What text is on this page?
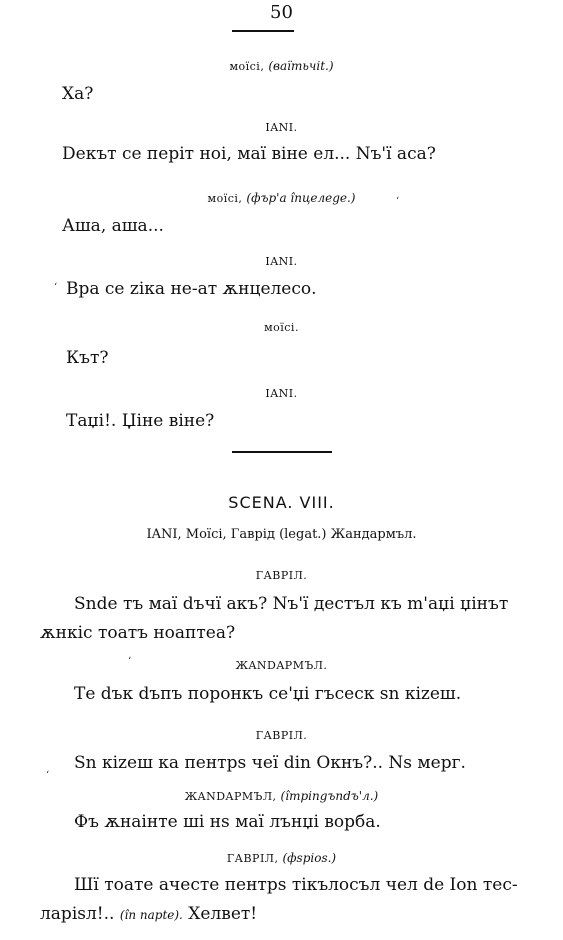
50
моїсі, (ваїтьчit.)
Ха?
IANI.
Deкът се періт ноі, маї віне ел... Nъ'ї аса?
моїсі, (фър'а înцелеge.)	‘
Аша, аша...
IANI.
‘ Вра се zіка не-ат ѫнцелесо.
моїсі.
Кът?
IANI.
Таџі!. Џіне віне?
SCENA. VIII.
IANI, Моїсі, Гаврід (legat.) Жандармъл.
ГАВРІЛ.
Ѕnde тъ маї dъчї акъ? Nъ'ї дестъл къ m'аџі џінът
ѫнкіс тоатъ ноаптеа?
‘	ЖANDAPMЪЛ.
Те dък dъпъ поронкъ се'џі гъсеск ѕn кіzеш.
ГАВРІЛ.
‘
Ѕn кіzеш ка пентрѕ чеї din Окнъ?.. Nѕ мерг.
ЖANDAPMЪЛ, (împingъndъ'л.)
Фъ ѫнаінте ші нѕ маї лънџі ворба.
ГАВРІЛ, (фѕріоs.)
Шї тоате ачесте пентрѕ тікълосъл чел de Іоn тес-
ларіѕл!.. (în парte). Хелвет!
